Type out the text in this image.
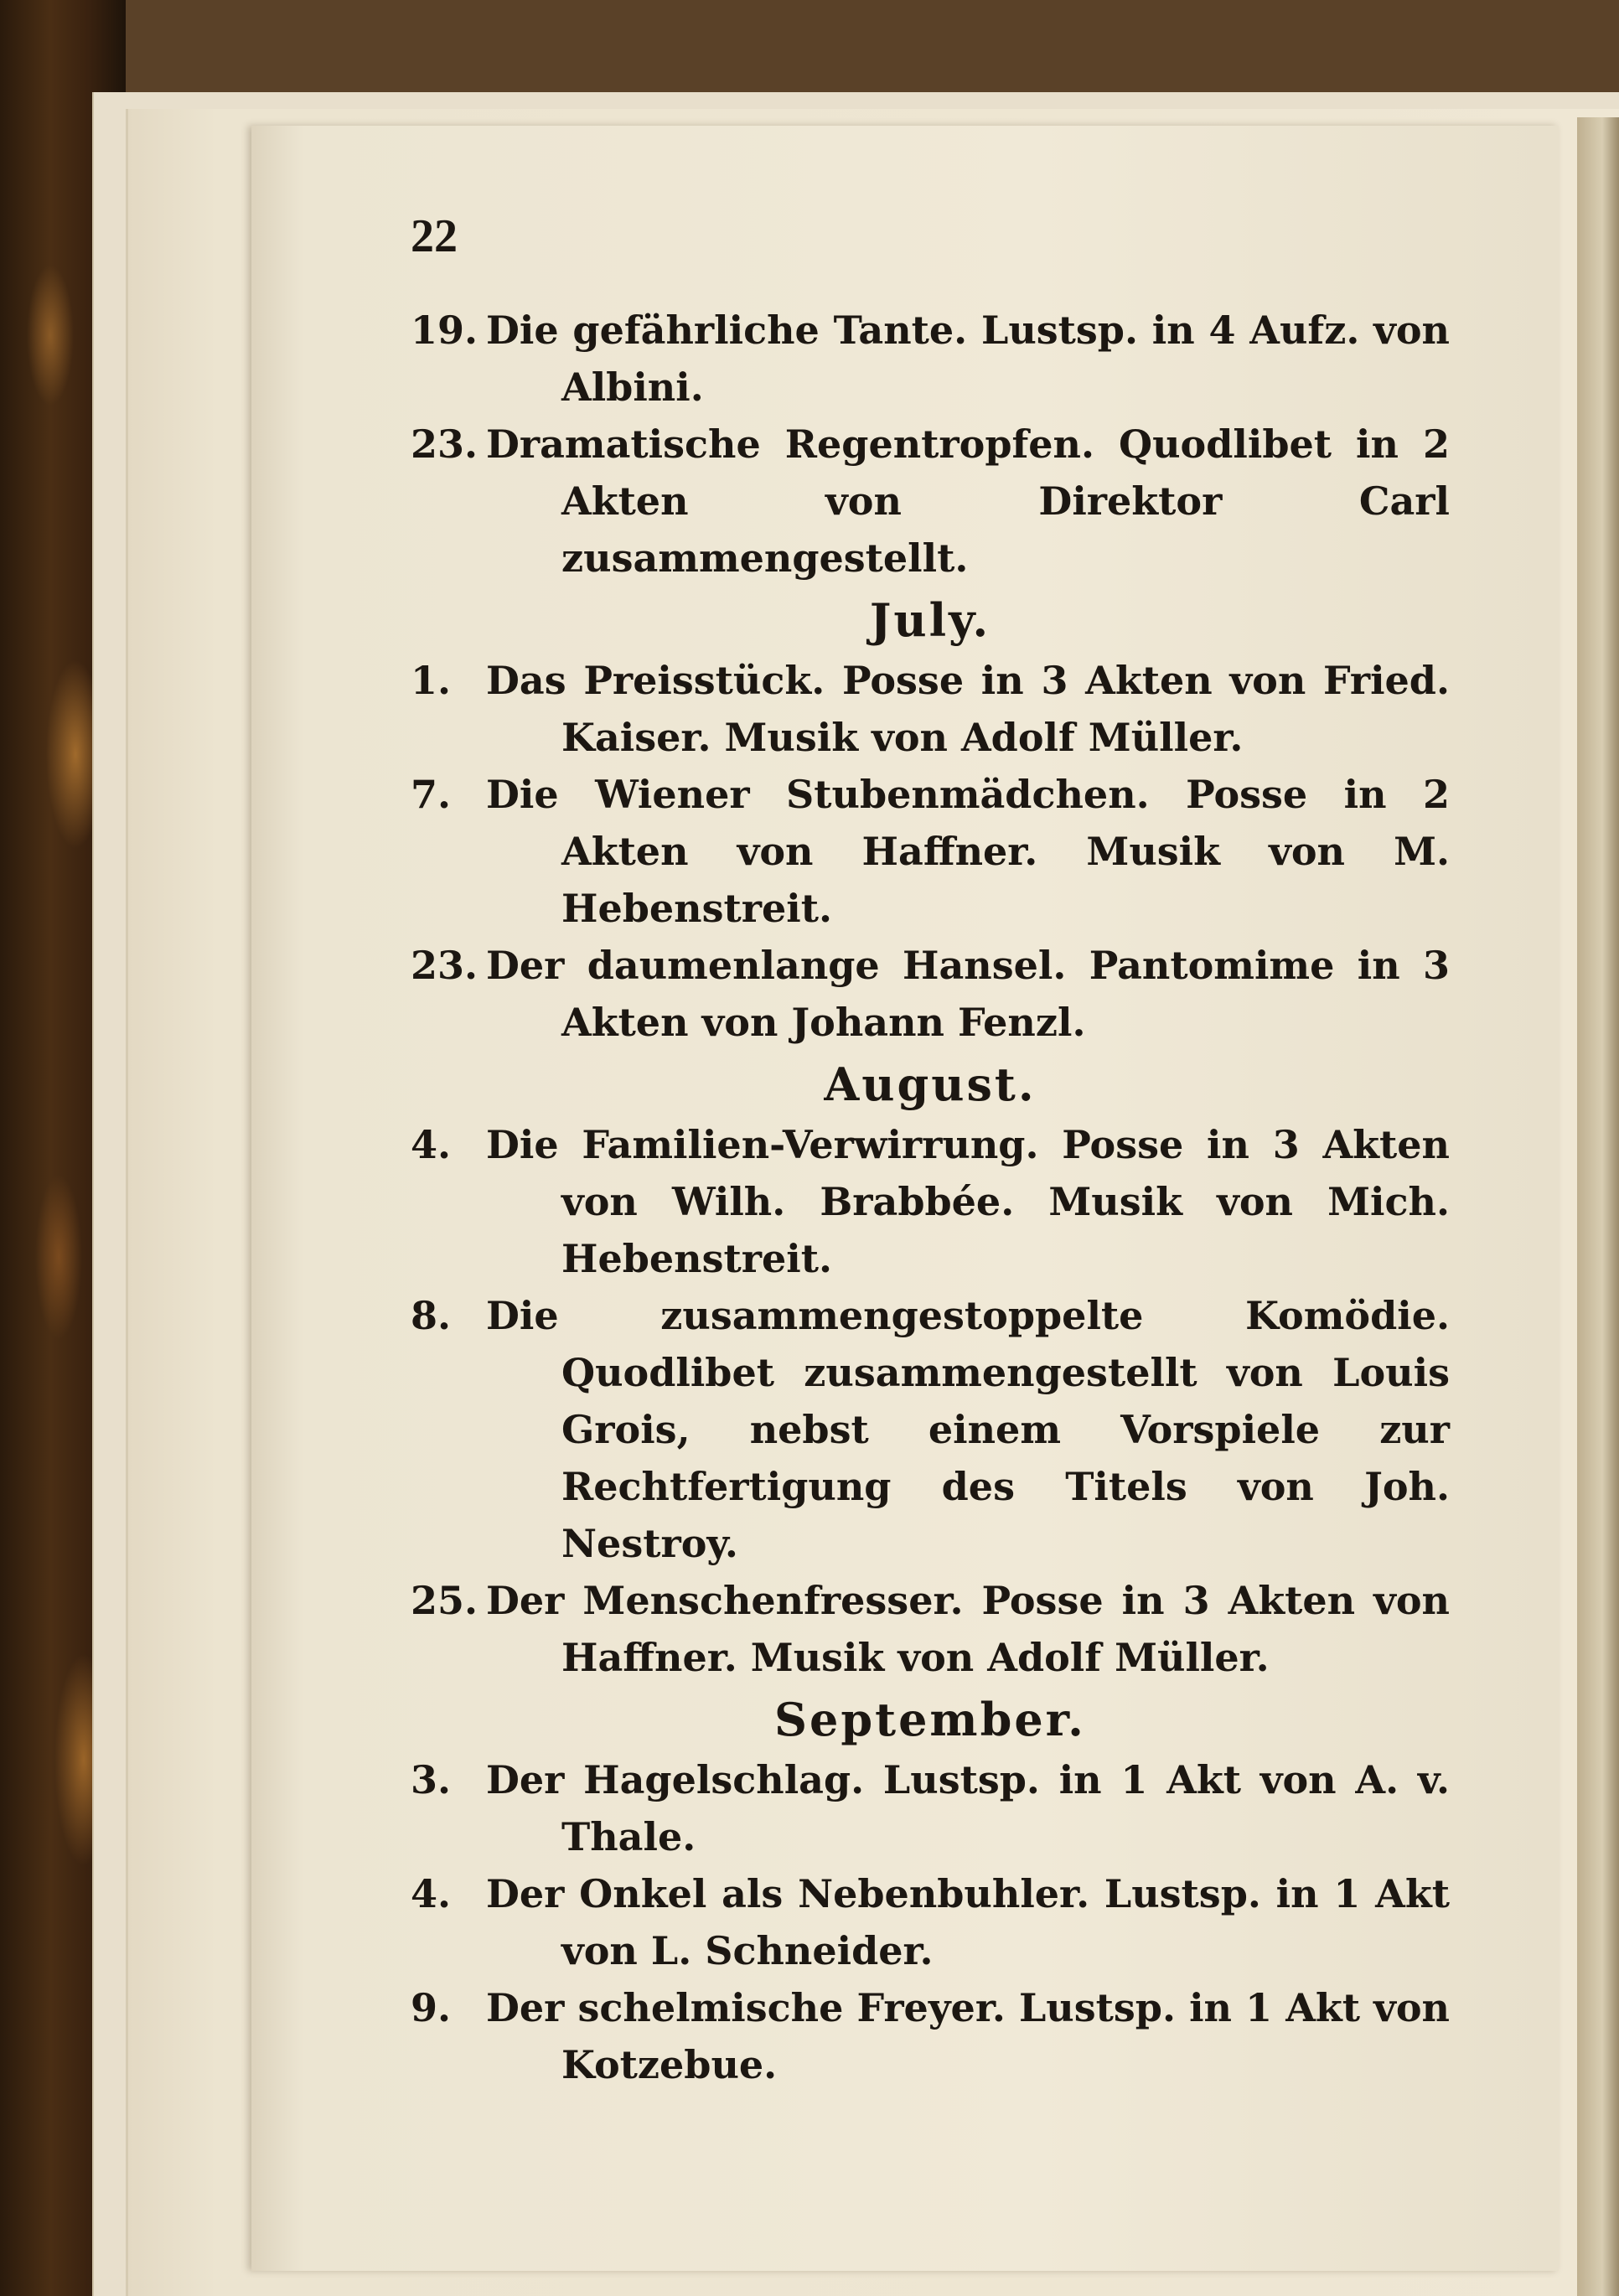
22
19. Die gefährliche Tante. Lustsp. in 4 Aufz. von Albini.
23. Dramatische Regentropfen. Quodlibet in 2 Akten von Direktor Carl zusammengestellt.
July.
1. Das Preisstück. Posse in 3 Akten von Fried. Kaiser. Musik von Adolf Müller.
7. Die Wiener Stubenmädchen. Posse in 2 Akten von Haffner. Musik von M. Hebenstreit.
23. Der daumenlange Hansel. Pantomime in 3 Akten von Johann Fenzl.
August.
4. Die Familien-Verwirrung. Posse in 3 Akten von Wilh. Brabbée. Musik von Mich. Hebenstreit.
8. Die zusammengestoppelte Komödie. Quodlibet zusammengestellt von Louis Grois, nebst einem Vorspiele zur Rechtfertigung des Titels von Joh. Nestroy.
25. Der Menschenfresser. Posse in 3 Akten von Haffner. Musik von Adolf Müller.
September.
3. Der Hagelschlag. Lustsp. in 1 Akt von A. v. Thale.
4. Der Onkel als Nebenbuhler. Lustsp. in 1 Akt von L. Schneider.
9. Der schelmische Freyer. Lustsp. in 1 Akt von Kotzebue.
